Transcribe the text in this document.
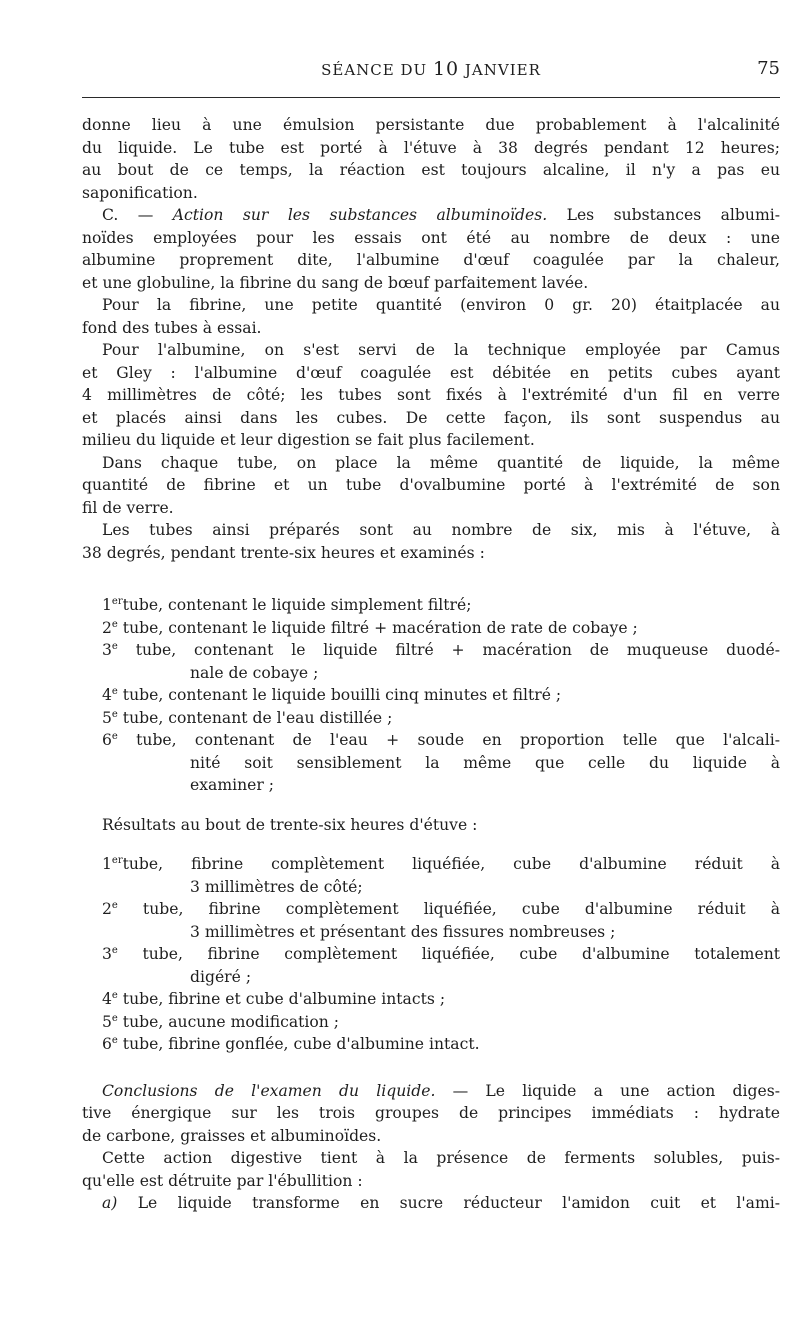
SÉANCE DU 10 JANVIER	75
donne lieu à une émulsion persistante due probablement à l'alcalinité
du liquide. Le tube est porté à l'étuve à 38 degrés pendant 12 heures;
au bout de ce temps, la réaction est toujours alcaline, il n'y a pas eu
saponification.
C. — Action sur les substances albuminoïdes. Les substances albumi-
noïdes employées pour les essais ont été au nombre de deux : une
albumine proprement dite, l'albumine d'œuf coagulée par la chaleur,
et une globuline, la fibrine du sang de bœuf parfaitement lavée.
Pour la fibrine, une petite quantité (environ 0 gr. 20) étaitplacée au
fond des tubes à essai.
Pour l'albumine, on s'est servi de la technique employée par Camus
et Gley : l'albumine d'œuf coagulée est débitée en petits cubes ayant
4 millimètres de côté; les tubes sont fixés à l'extrémité d'un fil en verre
et placés ainsi dans les cubes. De cette façon, ils sont suspendus au
milieu du liquide et leur digestion se fait plus facilement.
Dans chaque tube, on place la même quantité de liquide, la même
quantité de fibrine et un tube d'ovalbumine porté à l'extrémité de son
fil de verre.
Les tubes ainsi préparés sont au nombre de six, mis à l'étuve, à
38 degrés, pendant trente-six heures et examinés :
1ertube, contenant le liquide simplement filtré;
2e tube, contenant le liquide filtré + macération de rate de cobaye ;
3e tube, contenant le liquide filtré + macération de muqueuse duodé-
nale de cobaye ;
4e tube, contenant le liquide bouilli cinq minutes et filtré ;
5e tube, contenant de l'eau distillée ;
6e tube, contenant de l'eau + soude en proportion telle que l'alcali-
nité soit sensiblement la même que celle du liquide à
examiner ;
Résultats au bout de trente-six heures d'étuve :
1ertube, fibrine complètement liquéfiée, cube d'albumine réduit à
3 millimètres de côté;
2e tube, fibrine complètement liquéfiée, cube d'albumine réduit à
3 millimètres et présentant des fissures nombreuses ;
3e tube, fibrine complètement liquéfiée, cube d'albumine totalement
digéré ;
4e tube, fibrine et cube d'albumine intacts ;
5e tube, aucune modification ;
6e tube, fibrine gonflée, cube d'albumine intact.
Conclusions de l'examen du liquide. — Le liquide a une action diges-
tive énergique sur les trois groupes de principes immédiats : hydrate
de carbone, graisses et albuminoïdes.
Cette action digestive tient à la présence de ferments solubles, puis-
qu'elle est détruite par l'ébullition :
a) Le liquide transforme en sucre réducteur l'amidon cuit et l'ami-
